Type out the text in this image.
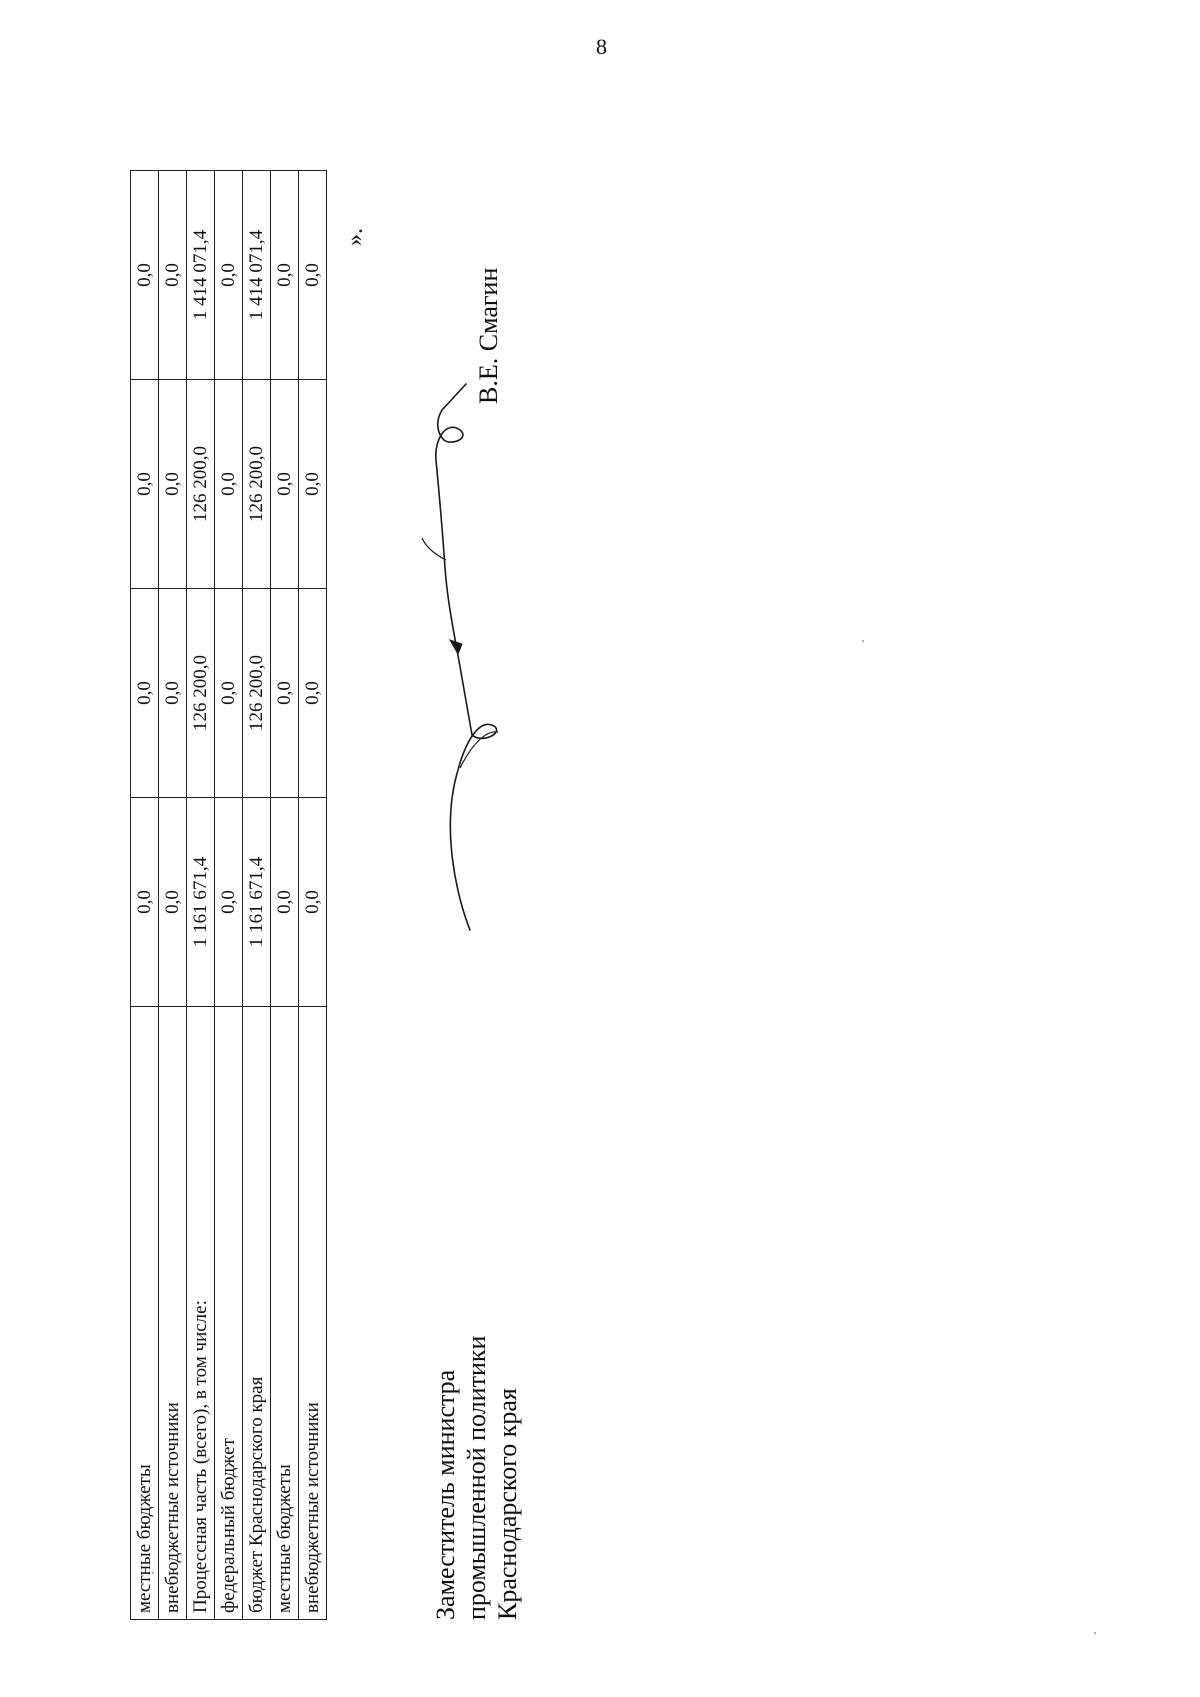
8
местные бюджеты	0,0	0,0	0,0	0,0
внебюджетные источники	0,0	0,0	0,0	0,0
Процессная часть (всего), в том числе:	1 161 671,4	126 200,0	126 200,0	1 414 071,4
федеральный бюджет	0,0	0,0	0,0	0,0
бюджет Краснодарского края	1 161 671,4	126 200,0	126 200,0	1 414 071,4
местные бюджеты	0,0	0,0	0,0	0,0
внебюджетные источники	0,0	0,0	0,0	0,0
».
Заместитель министра промышленной политики Краснодарского края
В.Е. Смагин
